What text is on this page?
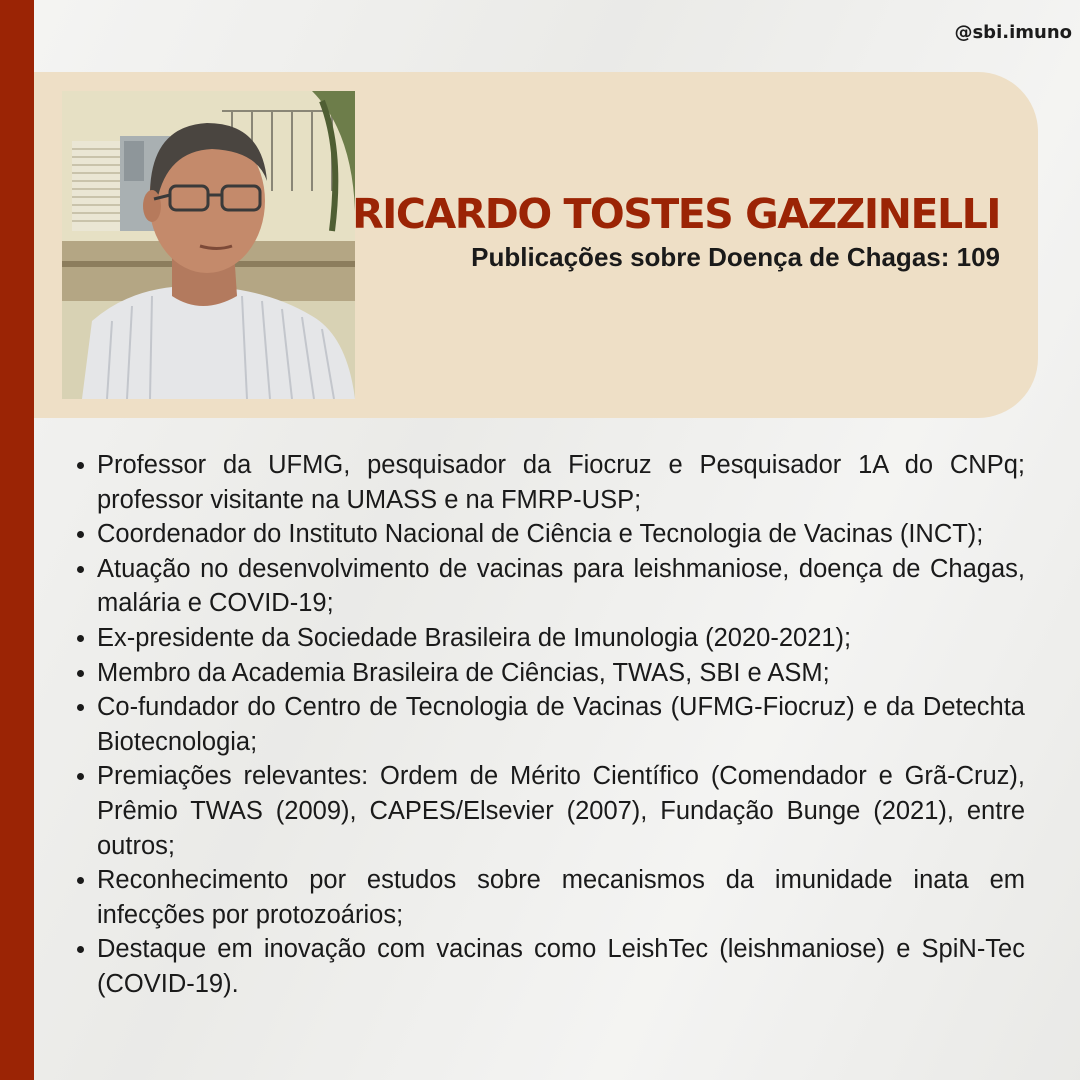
@sbi.imuno
RICARDO TOSTES GAZZINELLI
Publicações sobre Doença de Chagas: 109
Professor da UFMG, pesquisador da Fiocruz e Pesquisador 1A do CNPq; professor visitante na UMASS e na FMRP-USP;
Coordenador do Instituto Nacional de Ciência e Tecnologia de Vacinas (INCT);
Atuação no desenvolvimento de vacinas para leishmaniose, doença de Chagas, malária e COVID-19;
Ex-presidente da Sociedade Brasileira de Imunologia (2020-2021);
Membro da Academia Brasileira de Ciências, TWAS, SBI e ASM;
Co-fundador do Centro de Tecnologia de Vacinas (UFMG-Fiocruz) e da Detechta Biotecnologia;
Premiações relevantes: Ordem de Mérito Científico (Comendador e Grã-Cruz), Prêmio TWAS (2009), CAPES/Elsevier (2007), Fundação Bunge (2021), entre outros;
Reconhecimento por estudos sobre mecanismos da imunidade inata em infecções por protozoários;
Destaque em inovação com vacinas como LeishTec (leishmaniose) e SpiN-Tec (COVID-19).
